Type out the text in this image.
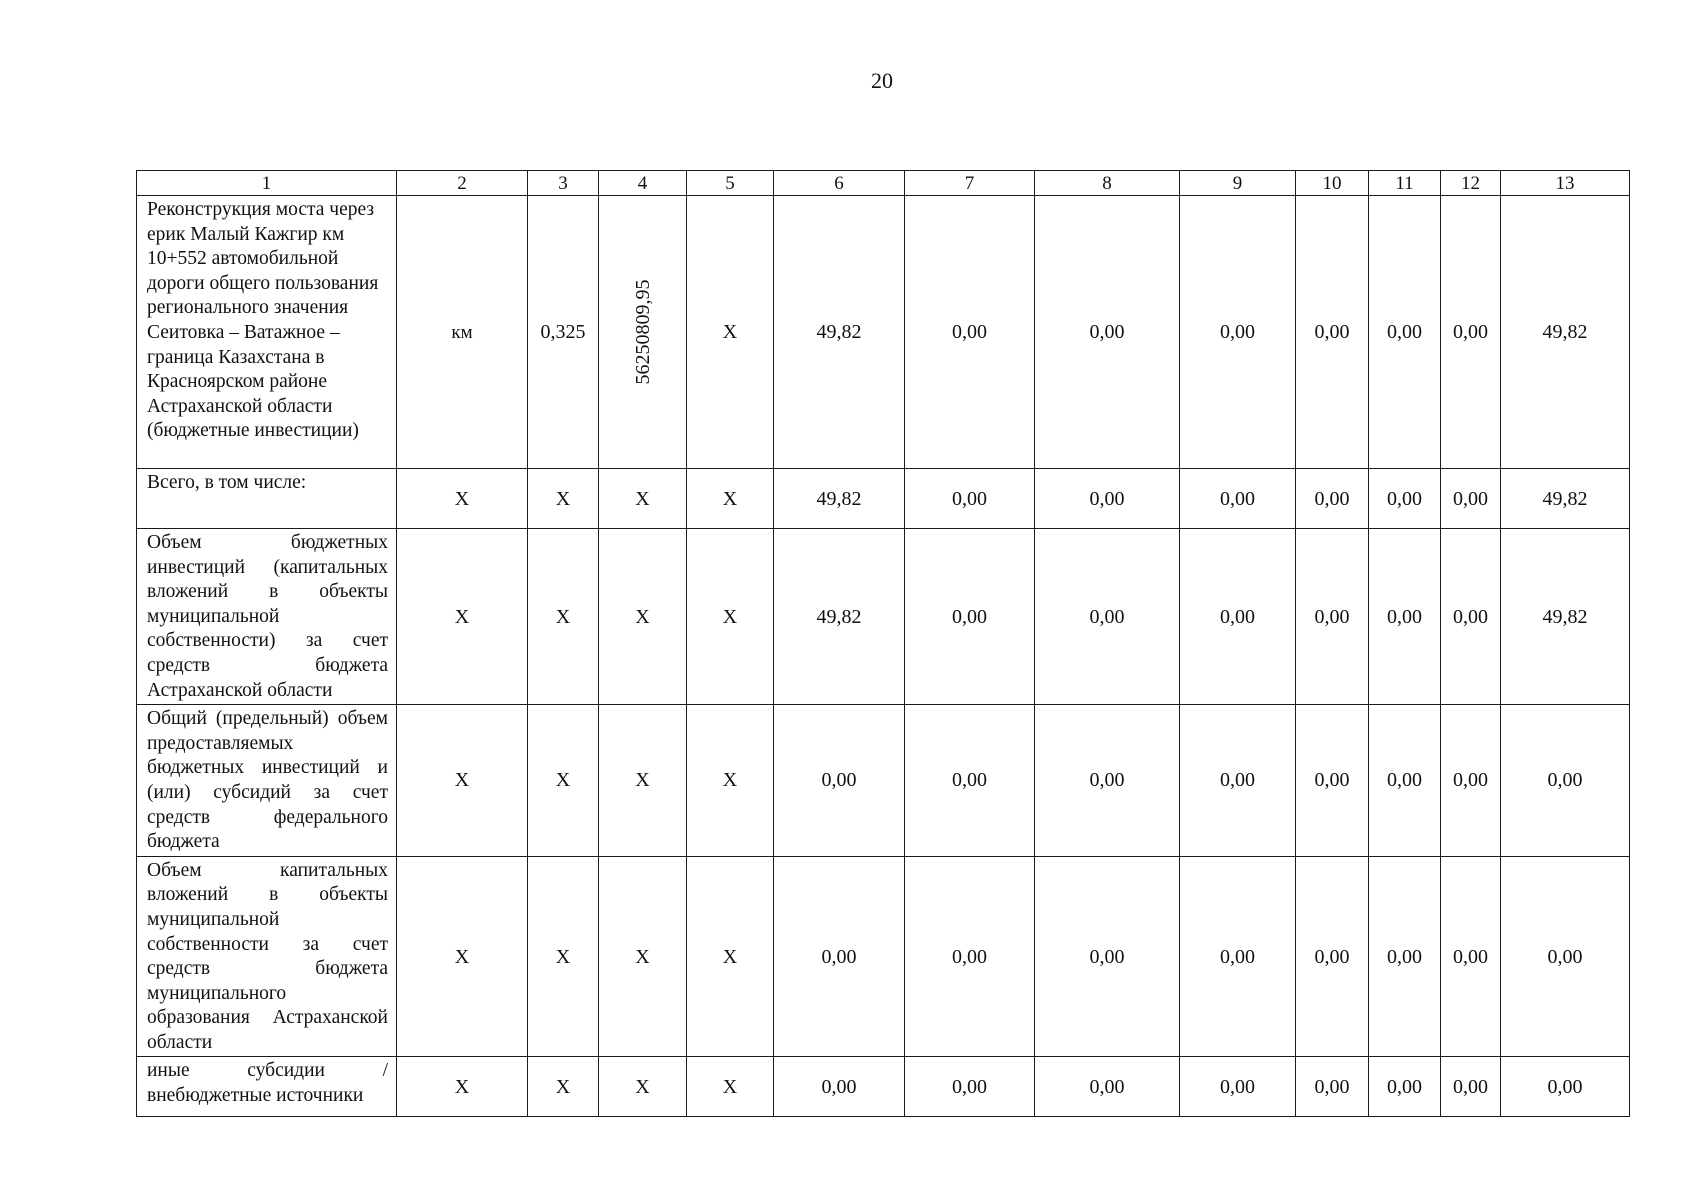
20
1	2	3	4	5	6	7	8	9	10	11	12	13
Реконструкция моста через ерик Малый Кажгир км 10+552 автомобильной дороги общего пользования регионального значения Сеитовка – Ватажное – граница Казахстана в Красноярском районе Астраханской области (бюджетные инвестиции)	км	0,325	56250809,95	Х	49,82	0,00	0,00	0,00	0,00	0,00	0,00	49,82
Всего, в том числе:	Х	Х	Х	Х	49,82	0,00	0,00	0,00	0,00	0,00	0,00	49,82
Объем бюджетных инвестиций (капитальных вложений в объекты муниципальной собственности) за счет средств бюджета Астраханской области	Х	Х	Х	Х	49,82	0,00	0,00	0,00	0,00	0,00	0,00	49,82
Общий (предельный) объем предоставляемых бюджетных инвестиций и (или) субсидий за счет средств федерального бюджета	Х	Х	Х	Х	0,00	0,00	0,00	0,00	0,00	0,00	0,00	0,00
Объем капитальных вложений в объекты муниципальной собственности за счет средств бюджета муниципального образования Астраханской области	Х	Х	Х	Х	0,00	0,00	0,00	0,00	0,00	0,00	0,00	0,00
иные субсидии / внебюджетные источники	Х	Х	Х	Х	0,00	0,00	0,00	0,00	0,00	0,00	0,00	0,00
